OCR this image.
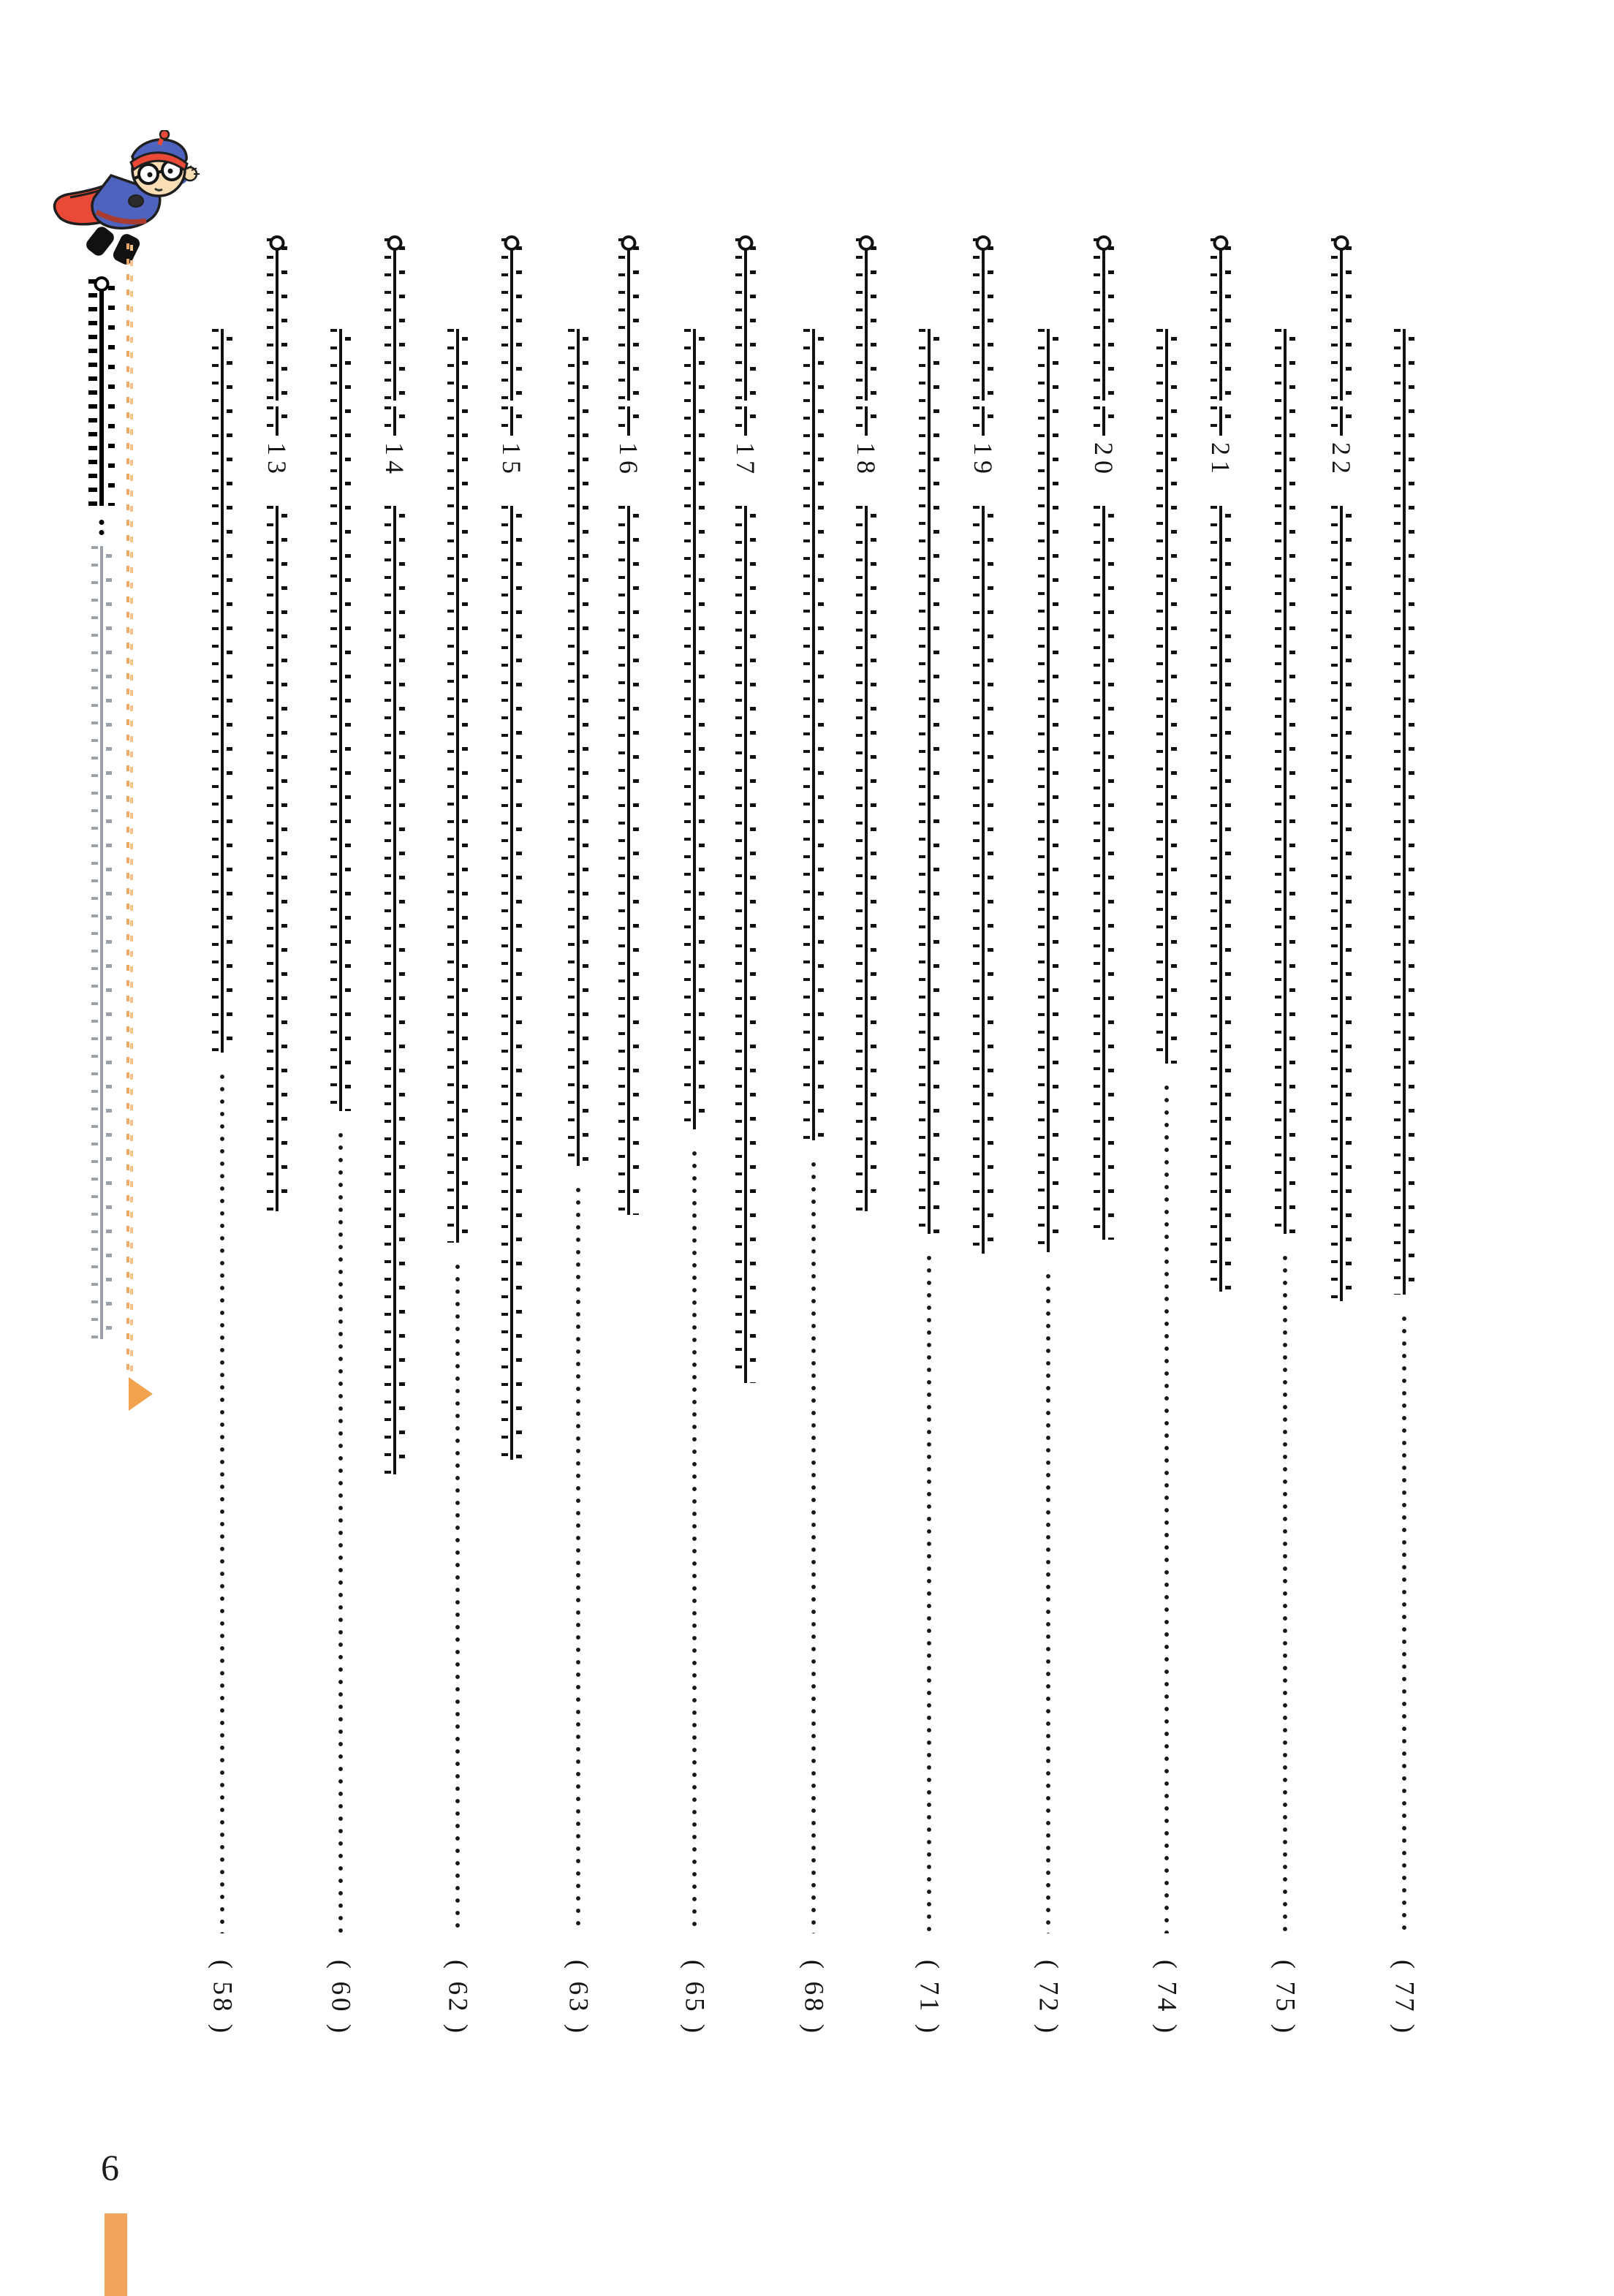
( 58 )
13
( 60 )
14
( 62 )
15
( 63 )
16
( 65 )
17
( 68 )
18
( 71 )
19
( 72 )
20
( 74 )
21
( 75 )
22
( 77 )
6
